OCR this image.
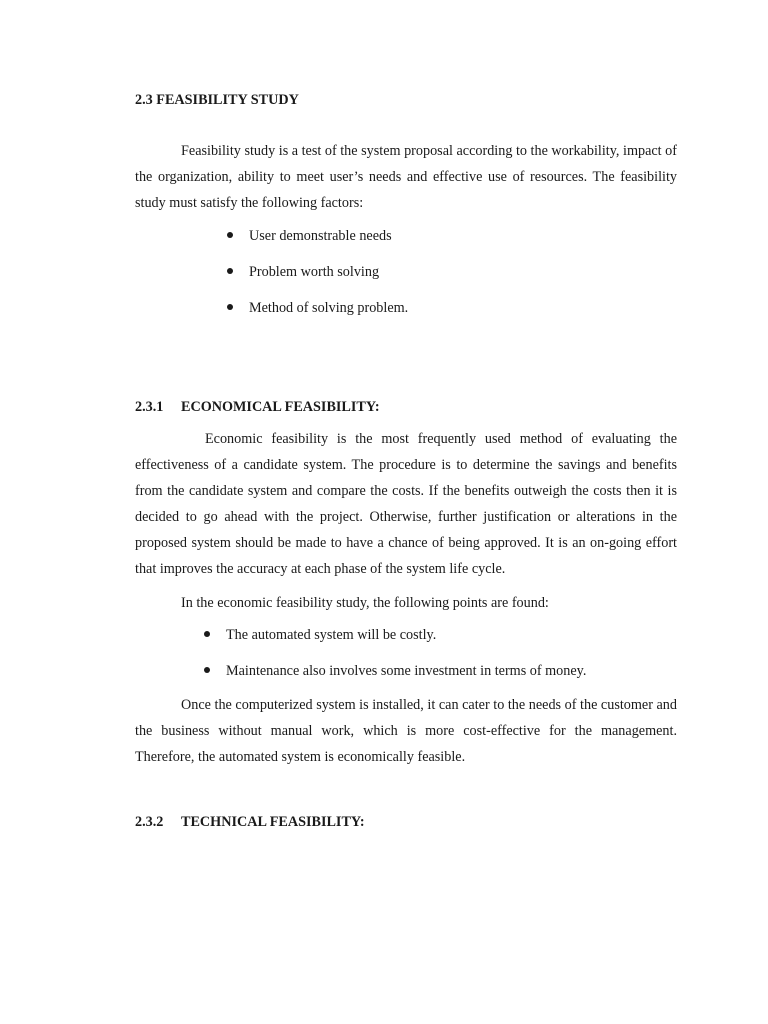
2.3 FEASIBILITY STUDY

Feasibility study is a test of the system proposal according to the workability, impact of the organization, ability to meet user’s needs and effective use of resources. The feasibility study must satisfy the following factors:

User demonstrable needs
Problem worth solving
Method of solving problem.
2.3.1 ECONOMICAL FEASIBILITY:

Economic feasibility is the most frequently used method of evaluating the effectiveness of a candidate system. The procedure is to determine the savings and benefits from the candidate system and compare the costs. If the benefits outweigh the costs then it is decided to go ahead with the project. Otherwise, further justification or alterations in the proposed system should be made to have a chance of being approved. It is an on-going effort that improves the accuracy at each phase of the system life cycle.

In the economic feasibility study, the following points are found:

The automated system will be costly.
Maintenance also involves some investment in terms of money.

Once the computerized system is installed, it can cater to the needs of the customer and the business without manual work, which is more cost-effective for the management. Therefore, the automated system is economically feasible.

2.3.2 TECHNICAL FEASIBILITY:
